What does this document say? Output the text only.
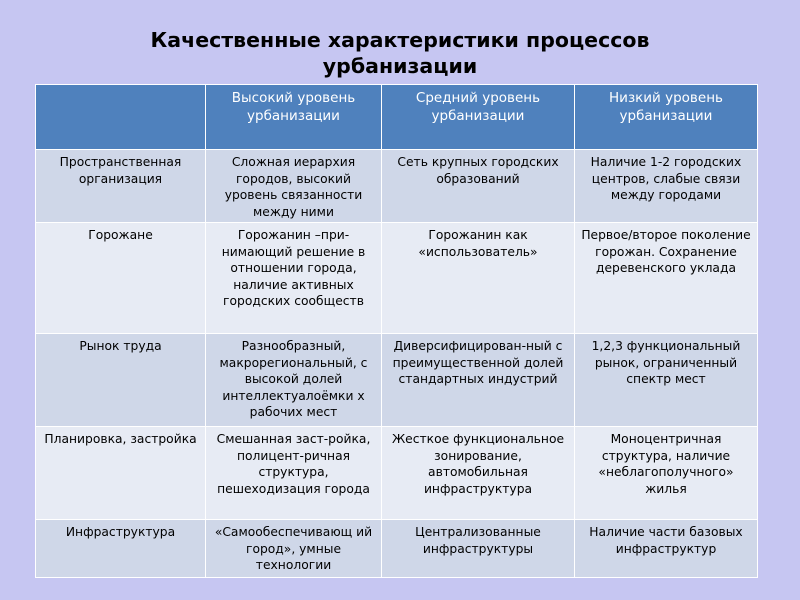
Качественные характеристики процессов
урбанизации
	Высокий уровень урбанизации	Средний уровень урбанизации	Низкий уровень урбанизации
Пространственная организация	Сложная иерархия городов, высокий уровень связанности между ними	Сеть крупных городских образований	Наличие 1-2 городских центров, слабые связи между городами
Горожане	Горожанин –при-нимающий решение в отношении города, наличие активных городских сообществ	Горожанин как «использователь»	Первое/второе поколение горожан. Сохранение деревенского уклада
Рынок труда	Разнообразный, макрорегиональный, с высокой долей интеллектуалоёмки х рабочих мест	Диверсифицирован-ный с преимущественной долей стандартных индустрий	1,2,3 функциональный рынок, ограниченный спектр мест
Планировка, застройка	Смешанная заст-ройка, полицент-ричная структура, пешеходизация города	Жесткое функциональное зонирование, автомобильная инфраструктура	Моноцентричная структура, наличие «неблагополучного» жилья
Инфраструктура	«Самообеспечивающ ий город», умные технологии	Централизованные инфраструктуры	Наличие части базовых инфраструктур
